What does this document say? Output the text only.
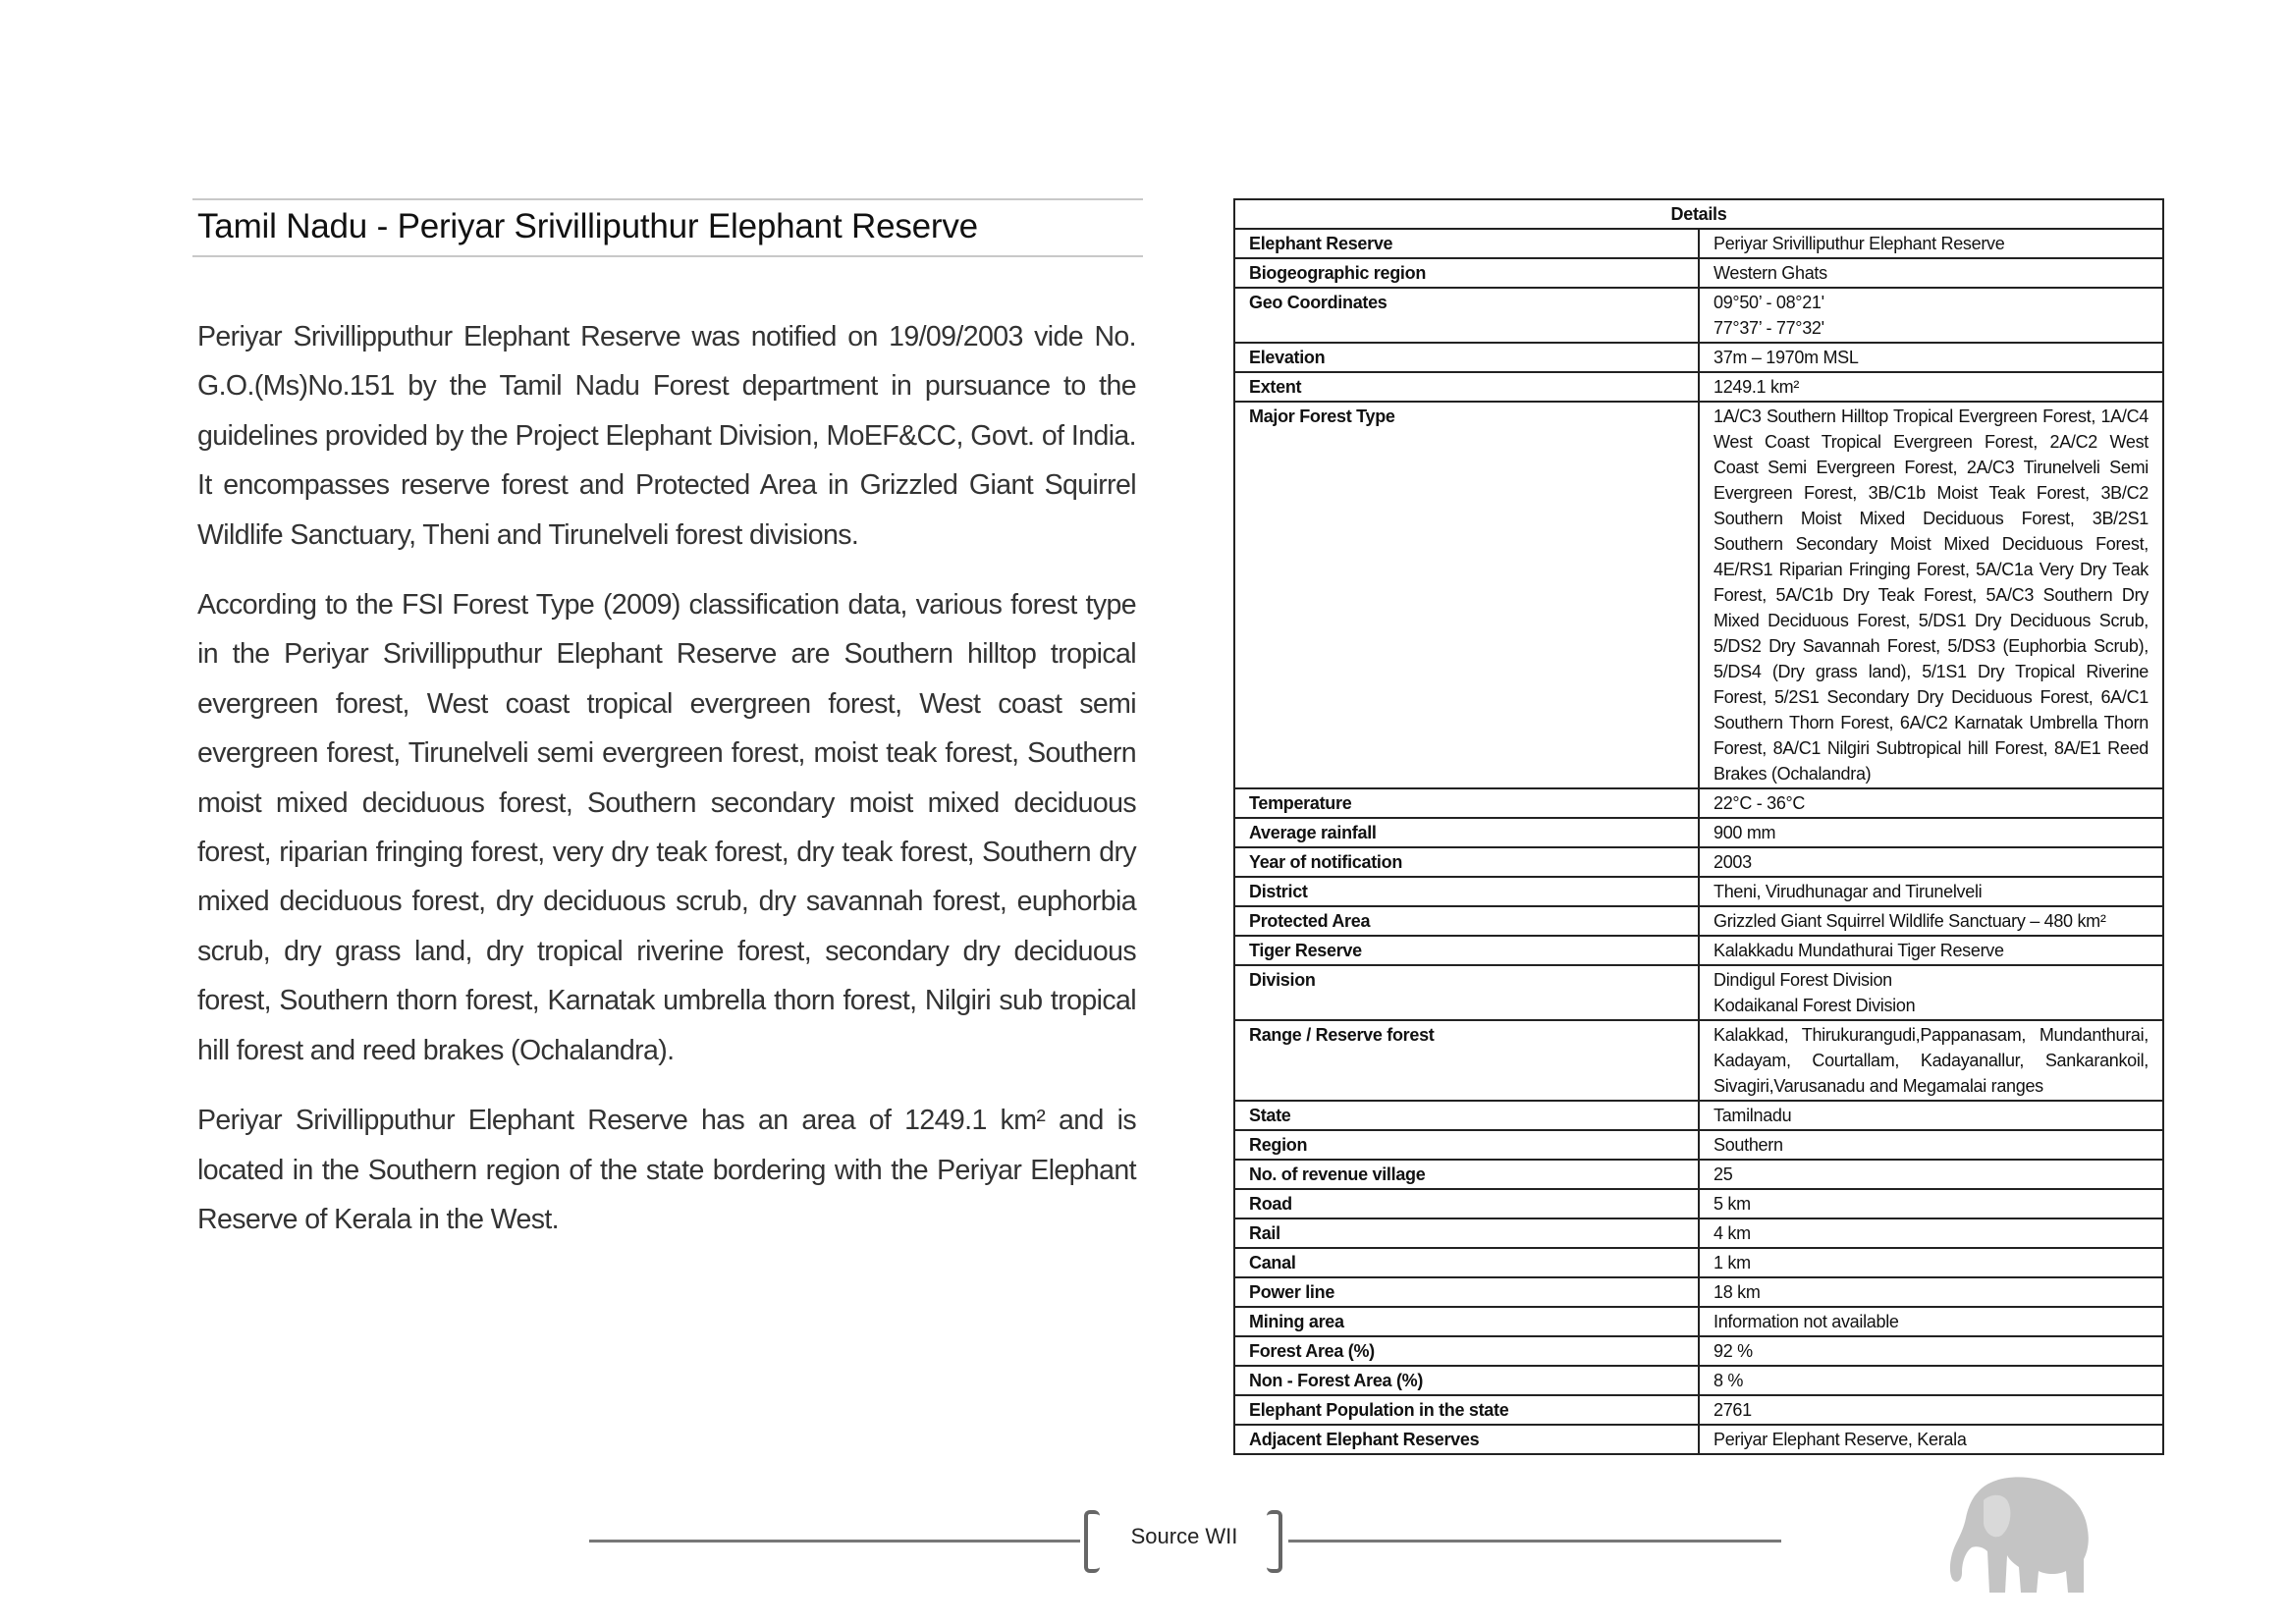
Tamil Nadu - Periyar Srivilliputhur Elephant Reserve

Periyar Srivillipputhur Elephant Reserve was notified on 19/09/2003 vide No. G.O.(Ms)No.151 by the Tamil Nadu Forest department in pursuance to the guidelines provided by the Project Elephant Division, MoEF&CC, Govt. of India. It encompasses reserve forest and Protected Area in Grizzled Giant Squirrel Wildlife Sanctuary, Theni and Tirunelveli forest divisions.

According to the FSI Forest Type (2009) classification data, various forest type in the Periyar Srivillipputhur Elephant Reserve are Southern hilltop tropical evergreen forest, West coast tropical evergreen forest, West coast semi evergreen forest, Tirunelveli semi evergreen forest, moist teak forest, Southern moist mixed deciduous forest, Southern secondary moist mixed deciduous forest, riparian fringing forest, very dry teak forest, dry teak forest, Southern dry mixed deciduous forest, dry deciduous scrub, dry savannah forest, euphorbia scrub, dry grass land, dry tropical riverine forest, secondary dry deciduous forest, Southern thorn forest, Karnatak umbrella thorn forest, Nilgiri sub tropical hill forest and reed brakes (Ochalandra).

Periyar Srivillipputhur Elephant Reserve has an area of 1249.1 km² and is located in the Southern region of the state bordering with the Periyar Elephant Reserve of Kerala in the West.

Details	
Elephant Reserve	Periyar Srivilliputhur Elephant Reserve
Biogeographic region	Western Ghats
Geo Coordinates	09°50’ - 08°21'
77°37’ - 77°32'

Elevation	37m – 1970m MSL
Extent	1249.1 km²
Major Forest Type	1A/C3 Southern Hilltop Tropical Evergreen Forest, 1A/C4 West Coast Tropical Evergreen Forest, 2A/C2 West Coast Semi Evergreen Forest, 2A/C3 Tirunelveli Semi Evergreen Forest, 3B/C1b Moist Teak Forest, 3B/C2 Southern Moist Mixed Deciduous Forest, 3B/2S1 Southern Secondary Moist Mixed Deciduous Forest, 4E/RS1 Riparian Fringing Forest, 5A/C1a Very Dry Teak Forest, 5A/C1b Dry Teak Forest, 5A/C3 Southern Dry Mixed Deciduous Forest, 5/DS1 Dry Deciduous Scrub, 5/DS2 Dry Savannah Forest, 5/DS3 (Euphorbia Scrub), 5/DS4 (Dry grass land), 5/1S1 Dry Tropical Riverine Forest, 5/2S1 Secondary Dry Deciduous Forest, 6A/C1 Southern Thorn Forest, 6A/C2 Karnatak Umbrella Thorn Forest, 8A/C1 Nilgiri Subtropical hill Forest, 8A/E1 Reed Brakes (Ochalandra)
Temperature	22°C - 36°C
Average rainfall	900 mm
Year of notification	2003
District	Theni, Virudhunagar and Tirunelveli
Protected Area	Grizzled Giant Squirrel Wildlife Sanctuary – 480 km²
Tiger Reserve	Kalakkadu Mundathurai Tiger Reserve
Division	Dindigul Forest Division
Kodaikanal Forest Division

Range / Reserve forest	Kalakkad, Thirukurangudi,Pappanasam, Mundanthurai, Kadayam, Courtallam, Kadayanallur, Sankarankoil, Sivagiri,Varusanadu and Megamalai ranges
State	Tamilnadu
Region	Southern
No. of revenue village	25
Road	5 km
Rail	4 km
Canal	1 km
Power line	18 km
Mining area	Information not available
Forest Area (%)	92 %
Non - Forest Area (%)	8 %
Elephant Population in the state	2761
Adjacent Elephant Reserves	Periyar Elephant Reserve, Kerala
Source WII
